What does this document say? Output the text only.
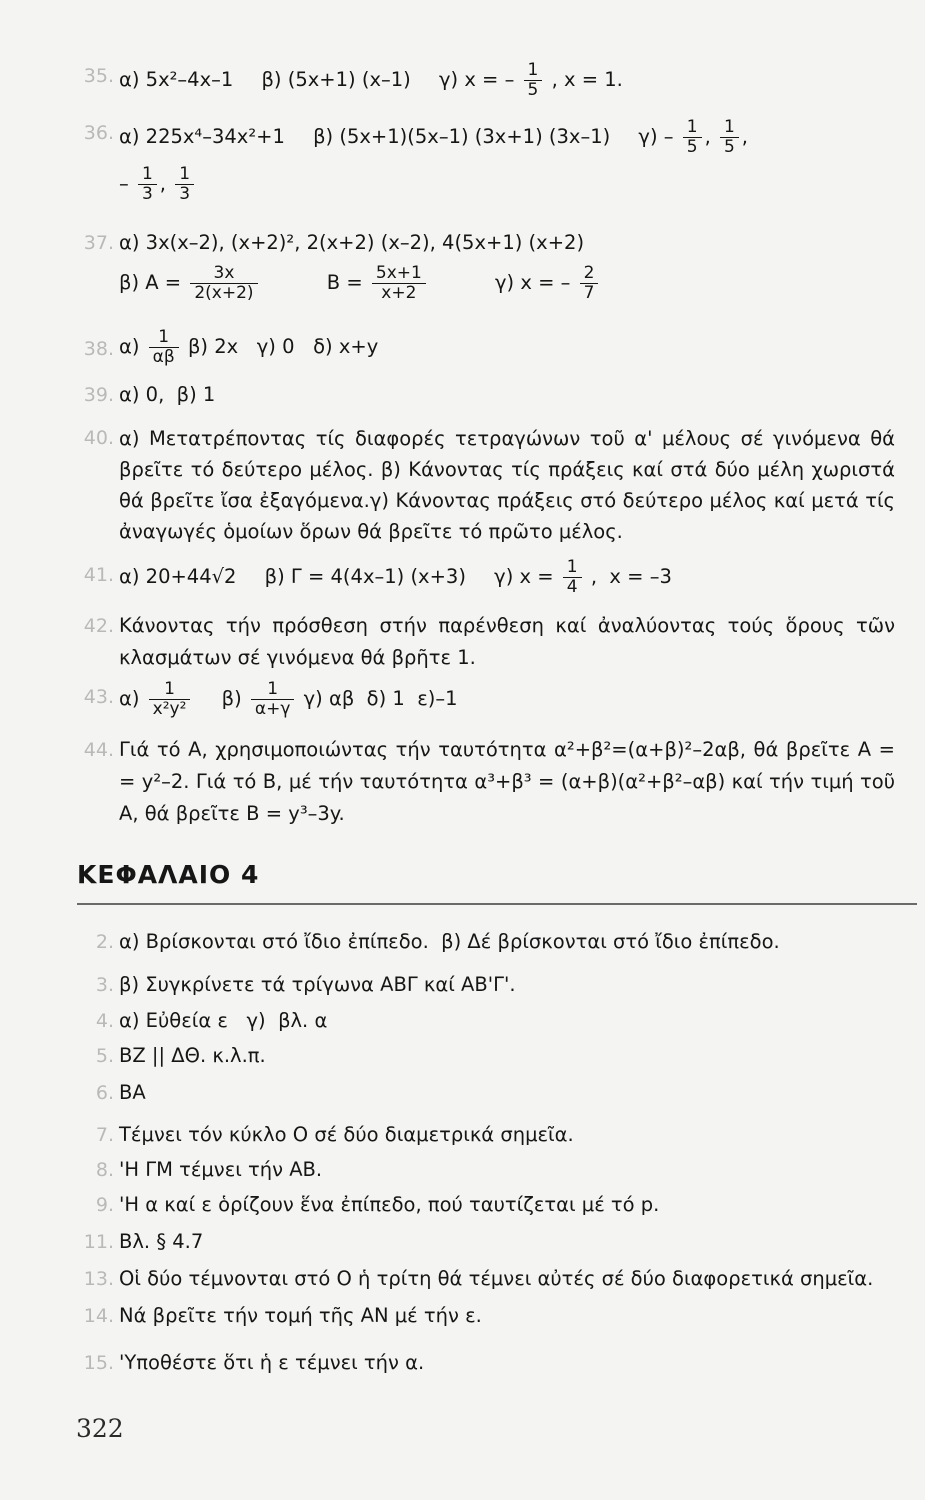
35. α) 5x²–4x–1 β) (5x+1) (x–1) γ) x = – $\frac{1}{5}$ , x = 1.
36. α) 225x⁴–34x²+1 β) (5x+1)(5x–1) (3x+1) (3x–1) $\gamma) - \frac{1}{5}$ , $\frac{1}{5}$ ,
– $\frac{1}{3}$ , $\frac{1}{3}$
37. α) 3x(x–2), (x+2)², 2(x+2) (x–2), 4(5x+1) (x+2)
β) $A = \frac{3x}{2(x+2)}$	$B = \frac{5x+1}{x+2}$	γ) x = – $\frac{2}{7}$
38. $\alpha) \frac{1}{\alpha\beta} \beta$) 2x   γ) 0   δ) x+y
39. α) 0,  β) 1
40. α) Μετατρέποντας τίς διαφορές τετραγώνων τοῦ α' μέλους σέ γινόμενα θά βρεῖτε τό δεύτερο μέλος. β) Κάνοντας τίς πράξεις καί στά δύο μέλη χωριστά θά βρεῖτε ἴσα ἐξαγόμενα.γ) Κάνοντας πράξεις στό δεύτερο μέλος καί μετά τίς ἀναγωγές ὁμοίων ὅρων θά βρεῖτε τό πρῶτο μέλος.
41. α) 20+44√2 β) Γ = 4(4x–1) (x+3) γ) $x = \frac{1}{4}$ ,  x = –3
42. Κάνοντας τήν πρόσθεση στήν παρένθεση καί ἀναλύοντας τούς ὅρους τῶν κλασμάτων σέ γινόμενα θά βρῆτε 1.
43. $\alpha) \frac{1}{\text{x²y²}} \beta) \frac{1}{\alpha+\gamma} \gamma$) αβ  δ) 1  ε)–1
44. Γιά τό Α, χρησιμοποιώντας τήν ταυτότητα α²+β²=(α+β)²–2αβ, θά βρεῖτε Α = = y²–2. Γιά τό Β, μέ τήν ταυτότητα α³+β³ = (α+β)(α²+β²–αβ) καί τήν τιμή τοῦ Α, θά βρεῖτε Β = y³–3y.
ΚΕΦΑΛΑΙΟ 4
2. α) Βρίσκονται στό ἴδιο ἐπίπεδο.  β) Δέ βρίσκονται στό ἴδιο ἐπίπεδο.
3. β) Συγκρίνετε τά τρίγωνα ΑΒΓ καί ΑΒ'Γ'.
4. α) Εὐθεία ε   γ)  βλ. α
5. ΒΖ || ΔΘ. κ.λ.π.
6. ΒΑ
7. Τέμνει τόν κύκλο Ο σέ δύο διαμετρικά σημεῖα.
8. 'Η ΓΜ τέμνει τήν ΑΒ.
9. 'Η α καί ε ὁρίζουν ἕνα ἐπίπεδο, πού ταυτίζεται μέ τό p.
11. Βλ. § 4.7
13. Οἱ δύο τέμνονται στό Ο ἡ τρίτη θά τέμνει αὐτές σέ δύο διαφορετικά σημεῖα.
14. Νά βρεῖτε τήν τομή τῆς ΑΝ μέ τήν ε.
15. 'Υποθέστε ὅτι ἡ ε τέμνει τήν α.
322
